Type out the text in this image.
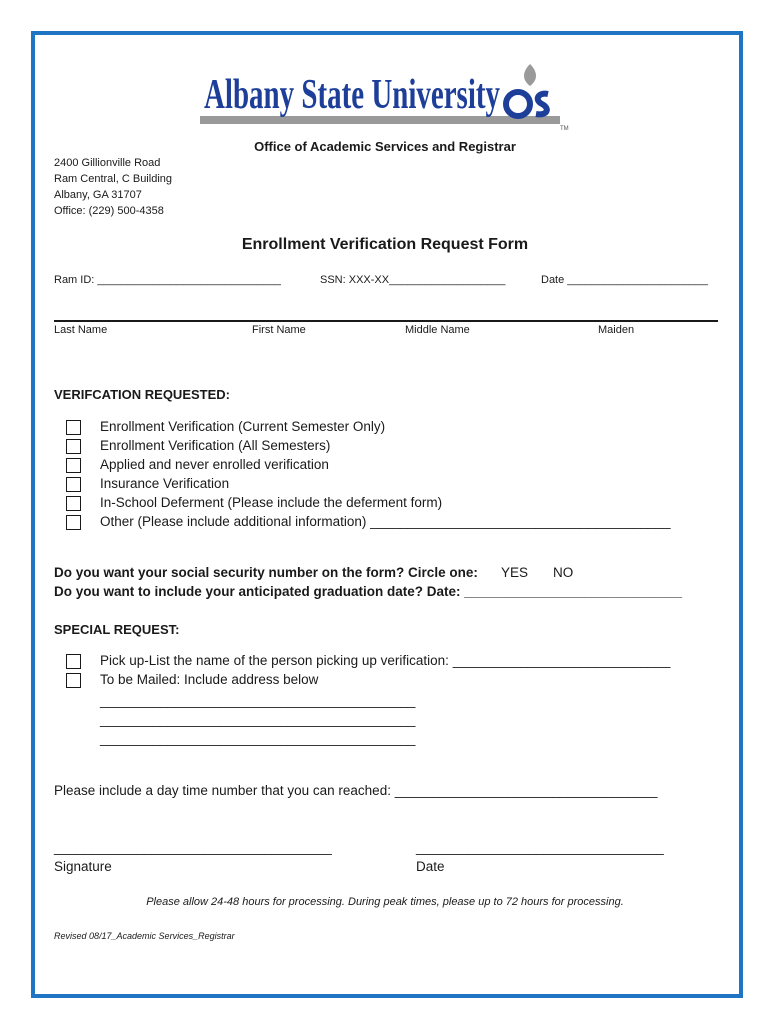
Albany State University
TM
Office of Academic Services and Registrar
2400 Gillionville Road
Ram Central, C Building
Albany, GA 31707
Office: (229) 500-4358
Enrollment Verification Request Form
Ram ID: ______________________________	SSN: XXX-XX___________________	Date _______________________
Last Name	First Name	Middle Name	Maiden
VERIFCATION REQUESTED:
Enrollment Verification (Current Semester Only)
Enrollment Verification (All Semesters)
Applied and never enrolled verification
Insurance Verification
In-School Deferment (Please include the deferment form)
Other (Please include additional information) ________________________________________
Do you want your social security number on the form? Circle one: YES NO
Do you want to include your anticipated graduation date? Date: _____________________________
SPECIAL REQUEST:
Pick up-List the name of the person picking up verification: _____________________________
To be Mailed: Include address below
__________________________________________
__________________________________________
__________________________________________
Please include a day time number that you can reached: ___________________________________
_____________________________________	_________________________________
Signature	Date
Please allow 24-48 hours for processing. During peak times, please up to 72 hours for processing.
Revised 08/17_Academic Services_Registrar
